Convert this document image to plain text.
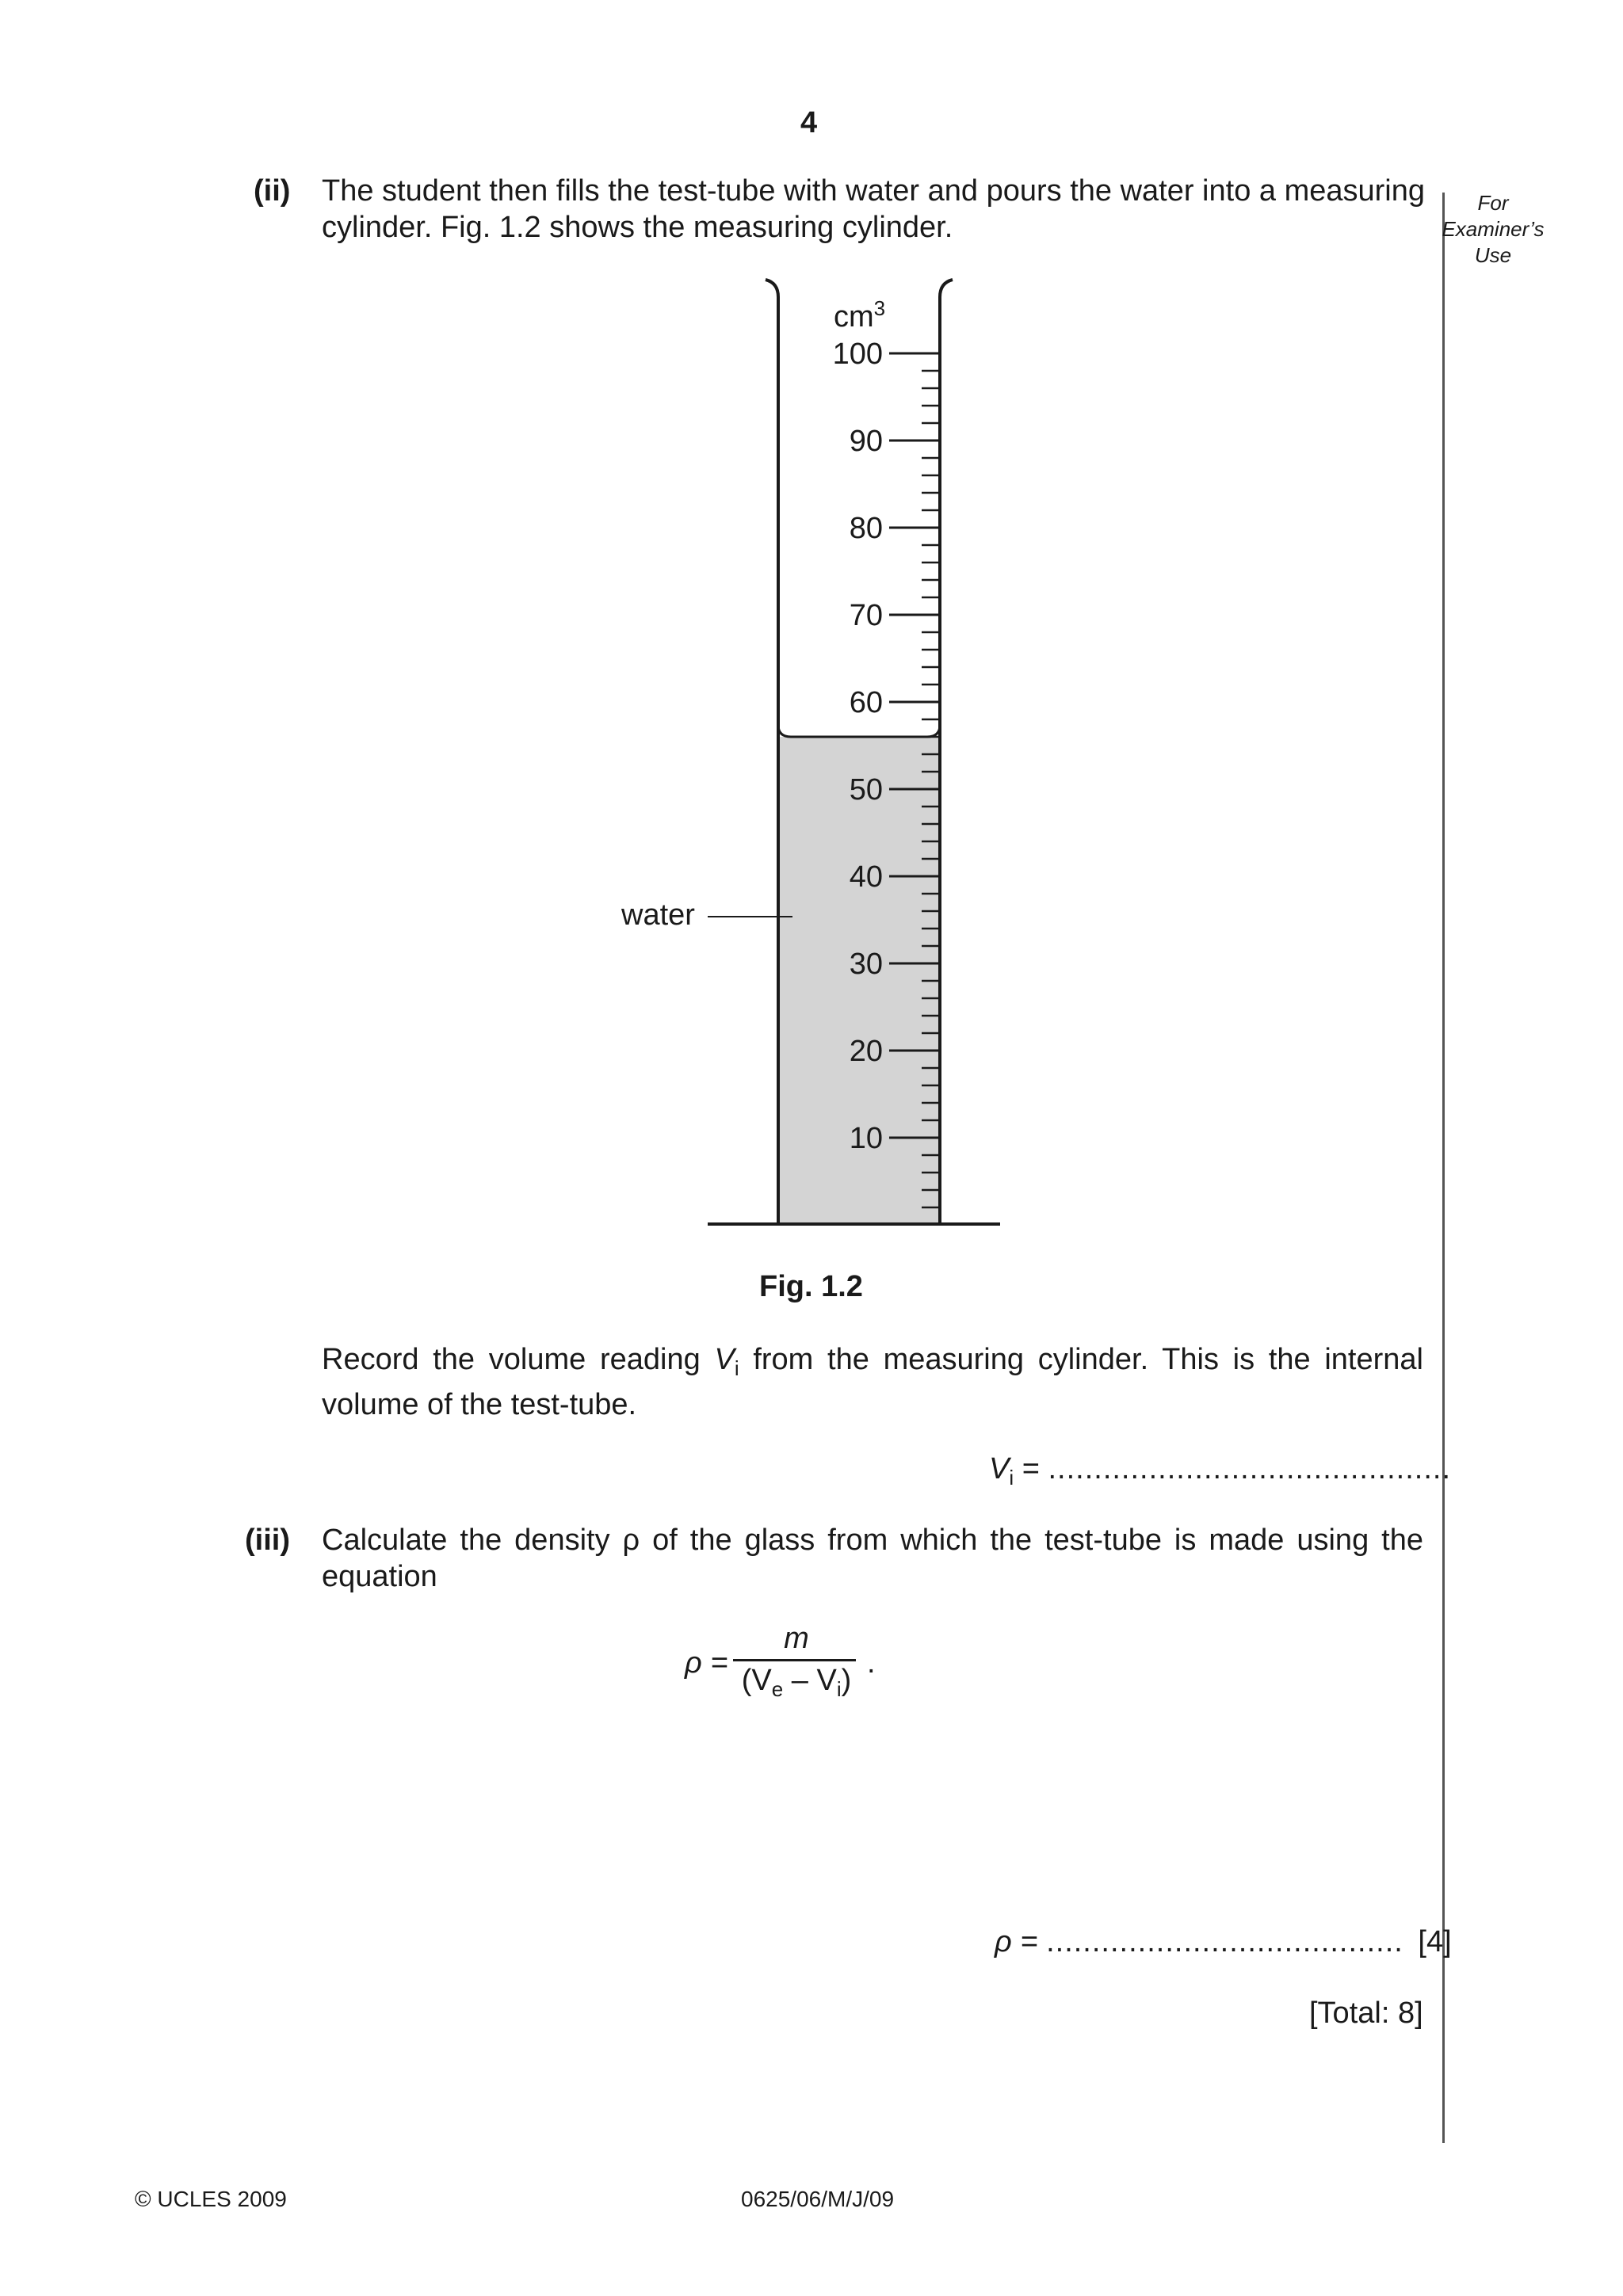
4
For
Examiner’s
Use
(ii) The student then fills the test-tube with water and pours the water into a measuring
cylinder. Fig. 1.2 shows the measuring cylinder.
water
$cm^3$
100
90
80
70
60
50
40
30
20
10
Fig. 1.2
Record the volume reading $V_i$ from the measuring cylinder. This is the internal volume of the test-tube.
$V_i$ = ............................................
(iii) Calculate the density ρ of the glass from which the test-tube is made using the equation
ρ =
m
$(V_e - V_i)$
.
ρ = ....................................... [4]
[Total: 8]
© UCLES 2009	0625/06/M/J/09
